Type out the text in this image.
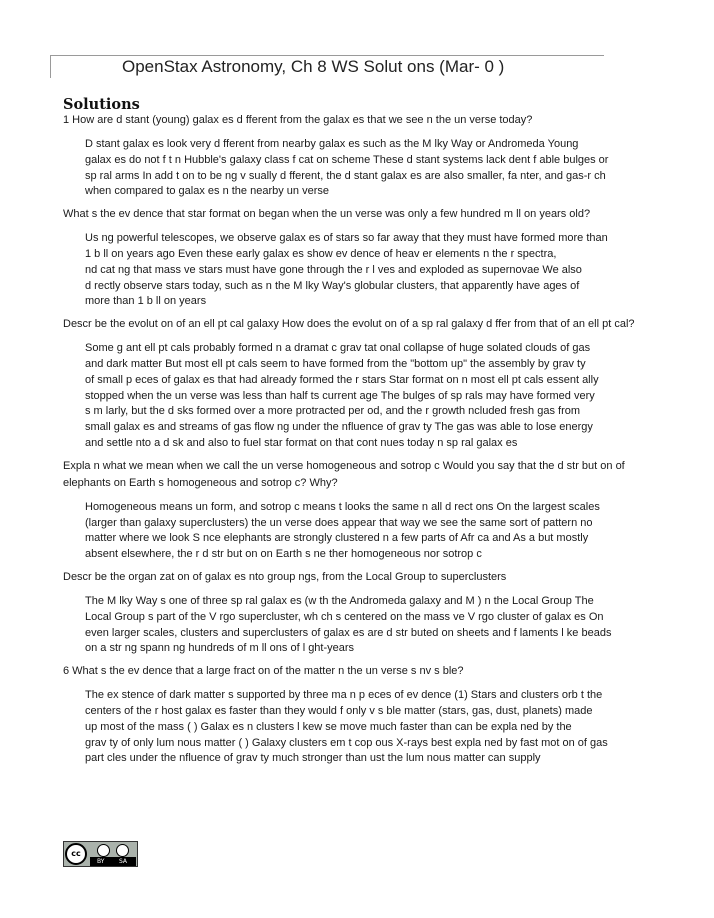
OpenStax Astronomy, Ch 8 WS Solut ons (Mar- 0 )
Solutions
1 How are d stant (young) galax es d fferent from the galax es that we see n the un verse today?

D stant galax es look very d fferent from nearby galax es such as the M lky Way or Andromeda Young

galax es do not f t n Hubble's galaxy class f cat on scheme These d stant systems lack dent f able bulges or

sp ral arms In add t on to be ng v sually d fferent, the d stant galax es are also smaller, fa nter, and gas-r ch

when compared to galax es n the nearby un verse

What s the ev dence that star format on began when the un verse was only a few hundred m ll on years old?

Us ng powerful telescopes, we observe galax es of stars so far away that they must have formed more than

1 b ll on years ago Even these early galax es show ev dence of heav er elements n the r spectra,

nd cat ng that mass ve stars must have gone through the r l ves and exploded as supernovae We also

d rectly observe stars today, such as n the M lky Way's globular clusters, that apparently have ages of

more than 1 b ll on years

Descr be the evolut on of an ell pt cal galaxy How does the evolut on of a sp ral galaxy d ffer from that of an ell pt cal?

Some g ant ell pt cals probably formed n a dramat c grav tat onal collapse of huge solated clouds of gas

and dark matter But most ell pt cals seem to have formed from the "bottom up" the assembly by grav ty

of small p eces of galax es that had already formed the r stars Star format on n most ell pt cals essent ally

stopped when the un verse was less than half ts current age The bulges of sp rals may have formed very

s m larly, but the d sks formed over a more protracted per od, and the r growth ncluded fresh gas from

small galax es and streams of gas flow ng under the nfluence of grav ty The gas was able to lose energy

and settle nto a d sk and also to fuel star format on that cont nues today n sp ral galax es

Expla n what we mean when we call the un verse homogeneous and sotrop c Would you say that the d str but on of elephants on Earth s homogeneous and sotrop c? Why?

Homogeneous means un form, and sotrop c means t looks the same n all d rect ons On the largest scales

(larger than galaxy superclusters) the un verse does appear that way we see the same sort of pattern no

matter where we look S nce elephants are strongly clustered n a few parts of Afr ca and As a but mostly

absent elsewhere, the r d str but on on Earth s ne ther homogeneous nor sotrop c

Descr be the organ zat on of galax es nto group ngs, from the Local Group to superclusters

The M lky Way s one of three sp ral galax es (w th the Andromeda galaxy and M ) n the Local Group The

Local Group s part of the V rgo supercluster, wh ch s centered on the mass ve V rgo cluster of galax es On

even larger scales, clusters and superclusters of galax es are d str buted on sheets and f laments l ke beads

on a str ng spann ng hundreds of m ll ons of l ght-years

6 What s the ev dence that a large fract on of the matter n the un verse s nv s ble?

The ex stence of dark matter s supported by three ma n p eces of ev dence (1) Stars and clusters orb t the

centers of the r host galax es faster than they would f only v s ble matter (stars, gas, dust, planets) made

up most of the mass ( ) Galax es n clusters l kew se move much faster than can be expla ned by the

grav ty of only lum nous matter ( ) Galaxy clusters em t cop ous X-rays best expla ned by fast mot on of gas

part cles under the nfluence of grav ty much stronger than ust the lum nous matter can supply

cc
BY SA
